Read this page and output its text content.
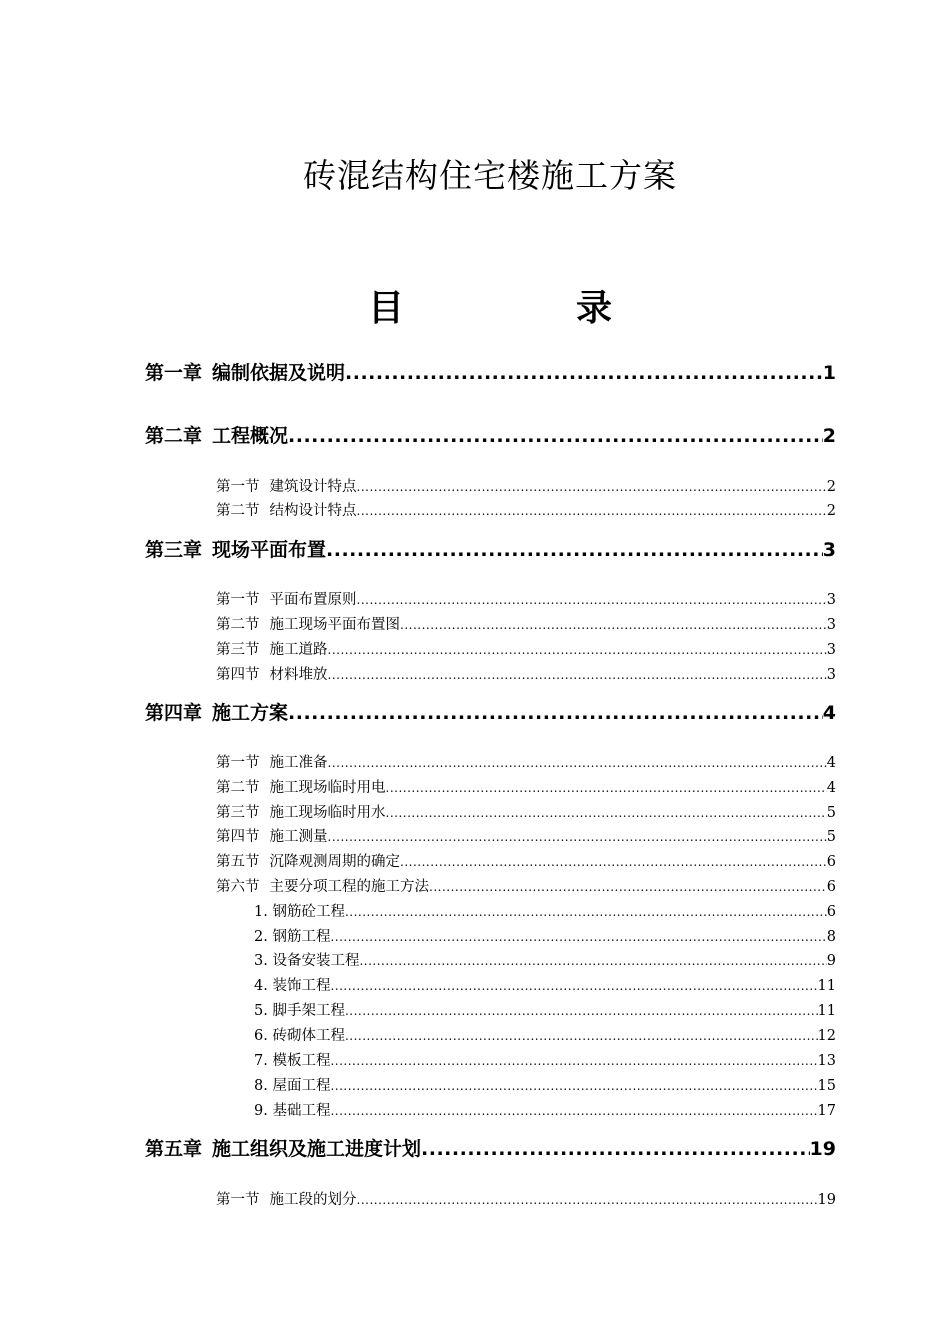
砖混结构住宅楼施工方案
目	录
第一章 编制依据及说明 .....	1
第二章 工程概况 .....	2
第一节 建筑设计特点 .....	2
第二节 结构设计特点 .....	2
第三章 现场平面布置 .....	3
第一节 平面布置原则 .....	3
第二节 施工现场平面布置图 .....	3
第三节 施工道路 .....	3
第四节 材料堆放 .....	3
第四章 施工方案 .....	4
第一节 施工准备 .....	4
第二节 施工现场临时用电 .....	4
第三节 施工现场临时用水 .....	5
第四节 施工测量 .....	5
第五节 沉降观测周期的确定 .....	6
第六节 主要分项工程的施工方法 .....	6
1. 钢筋砼工程 .....	6
2. 钢筋工程 .....	8
3. 设备安装工程 .....	9
4. 装饰工程 .....	11
5. 脚手架工程 .....	11
6. 砖砌体工程 .....	12
7. 模板工程 .....	13
8. 屋面工程 .....	15
9. 基础工程 .....	17
第五章 施工组织及施工进度计划 .....	19
第一节 施工段的划分 .....	19
